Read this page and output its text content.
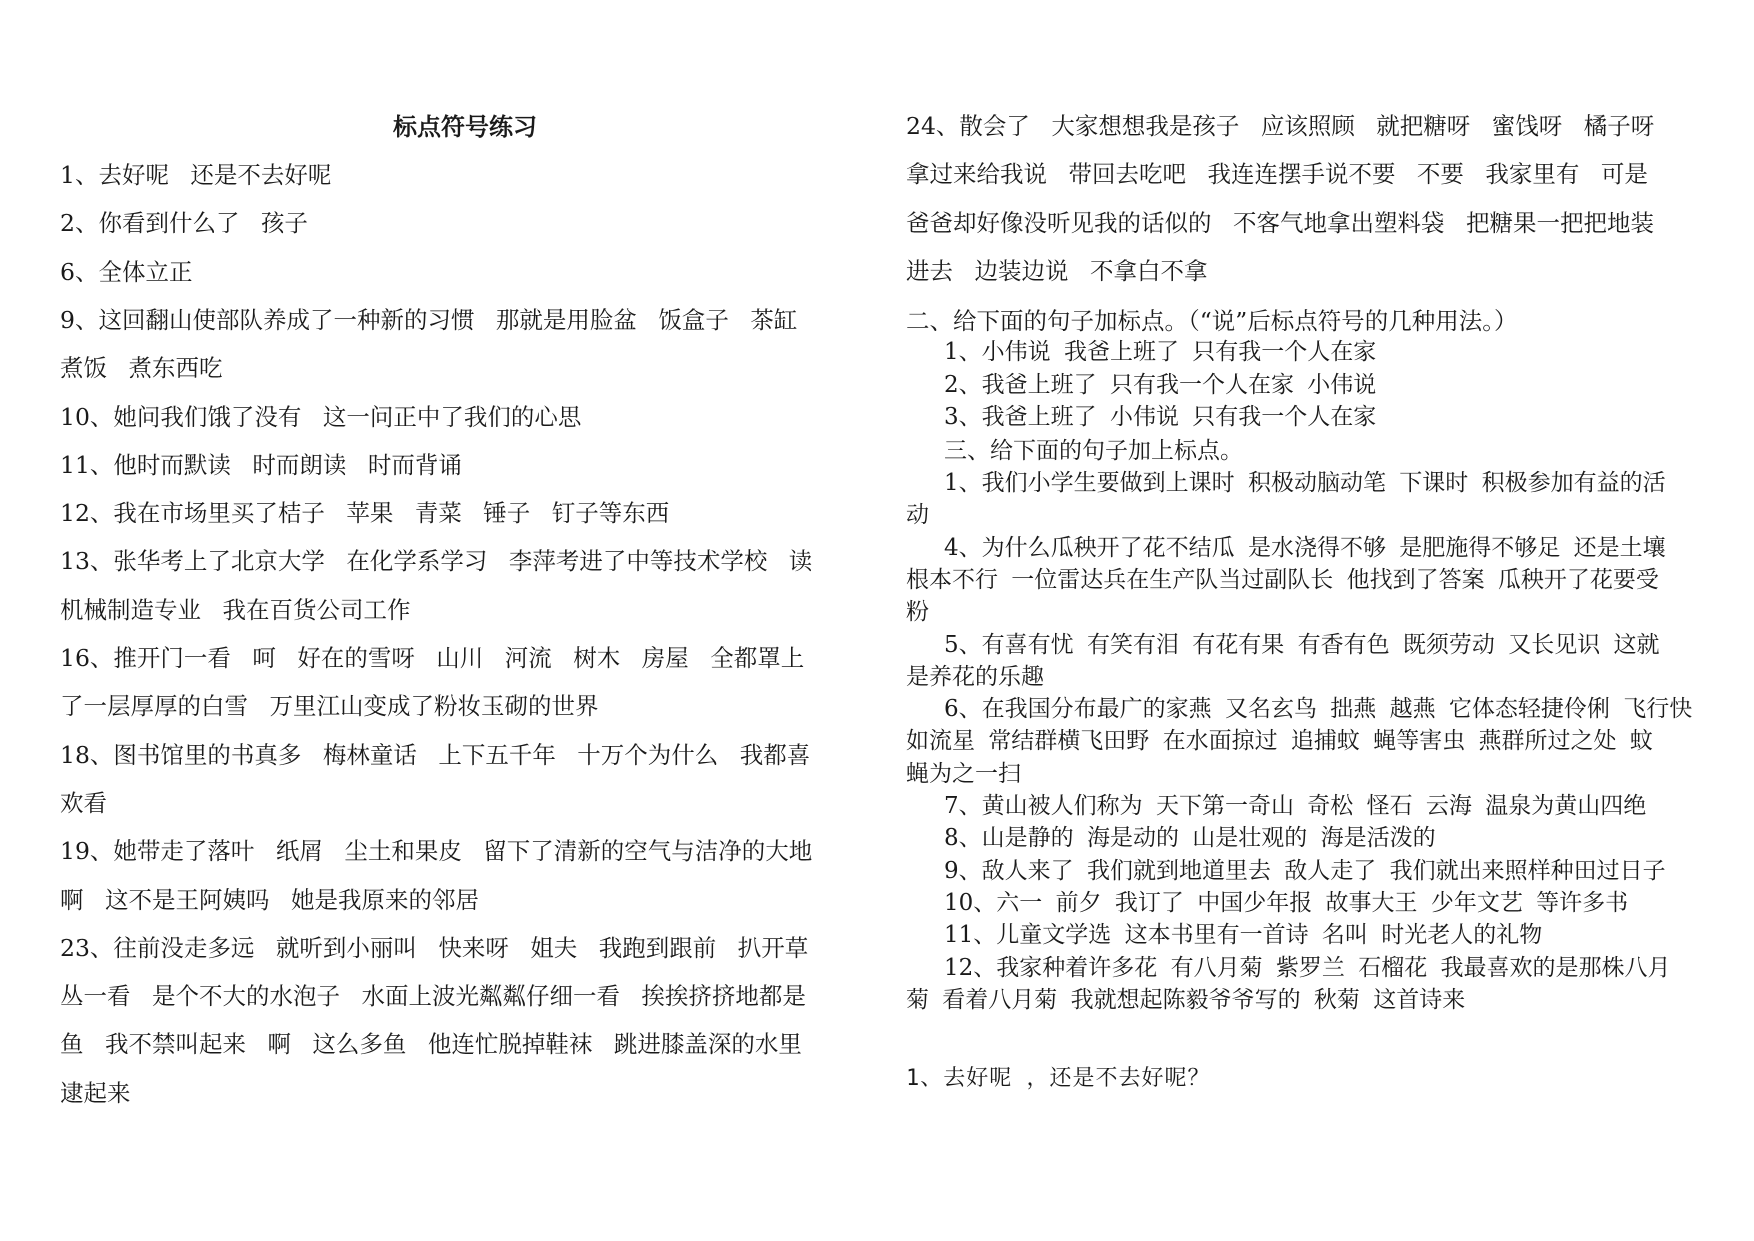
标点符号练习
1、去好呢 还是不去好呢
2、你看到什么了 孩子
6、全体立正
9、这回翻山使部队养成了一种新的习惯 那就是用脸盆 饭盒子 茶缸
煮饭 煮东西吃
10、她问我们饿了没有 这一问正中了我们的心思
11、他时而默读 时而朗读 时而背诵
12、我在市场里买了桔子 苹果 青菜 锤子 钉子等东西
13、张华考上了北京大学 在化学系学习 李萍考进了中等技术学校 读
机械制造专业 我在百货公司工作
16、推开门一看 呵 好在的雪呀 山川 河流 树木 房屋 全都罩上
了一层厚厚的白雪 万里江山变成了粉妆玉砌的世界
18、图书馆里的书真多 梅林童话 上下五千年 十万个为什么 我都喜
欢看
19、她带走了落叶 纸屑 尘土和果皮 留下了清新的空气与洁净的大地
啊 这不是王阿姨吗 她是我原来的邻居
23、往前没走多远 就听到小丽叫 快来呀 姐夫 我跑到跟前 扒开草
丛一看 是个不大的水泡子 水面上波光粼粼仔细一看 挨挨挤挤地都是
鱼 我不禁叫起来 啊 这么多鱼 他连忙脱掉鞋袜 跳进膝盖深的水里
逮起来
24、散会了 大家想想我是孩子 应该照顾 就把糖呀 蜜饯呀 橘子呀
拿过来给我说 带回去吃吧 我连连摆手说不要 不要 我家里有 可是
爸爸却好像没听见我的话似的 不客气地拿出塑料袋 把糖果一把把地装
进去 边装边说 不拿白不拿
二、给下面的句子加标点。（“说”后标点符号的几种用法。）
1、小伟说 我爸上班了 只有我一个人在家
2、我爸上班了 只有我一个人在家 小伟说
3、我爸上班了 小伟说 只有我一个人在家
三、给下面的句子加上标点。
1、我们小学生要做到上课时 积极动脑动笔 下课时 积极参加有益的活
动
4、为什么瓜秧开了花不结瓜 是水浇得不够 是肥施得不够足 还是土壤
根本不行 一位雷达兵在生产队当过副队长 他找到了答案 瓜秧开了花要受
粉
5、有喜有忧 有笑有泪 有花有果 有香有色 既须劳动 又长见识 这就
是养花的乐趣
6、在我国分布最广的家燕 又名玄鸟 拙燕 越燕 它体态轻捷伶俐 飞行快
如流星 常结群横飞田野 在水面掠过 追捕蚊 蝇等害虫 燕群所过之处 蚊
蝇为之一扫
7、黄山被人们称为 天下第一奇山 奇松 怪石 云海 温泉为黄山四绝
8、山是静的 海是动的 山是壮观的 海是活泼的
9、敌人来了 我们就到地道里去 敌人走了 我们就出来照样种田过日子
10、六一 前夕 我订了 中国少年报 故事大王 少年文艺 等许多书
11、儿童文学选 这本书里有一首诗 名叫 时光老人的礼物
12、我家种着许多花 有八月菊 紫罗兰 石榴花 我最喜欢的是那株八月
菊 看着八月菊 我就想起陈毅爷爷写的 秋菊 这首诗来
1、去好呢 ，还是不去好呢？
